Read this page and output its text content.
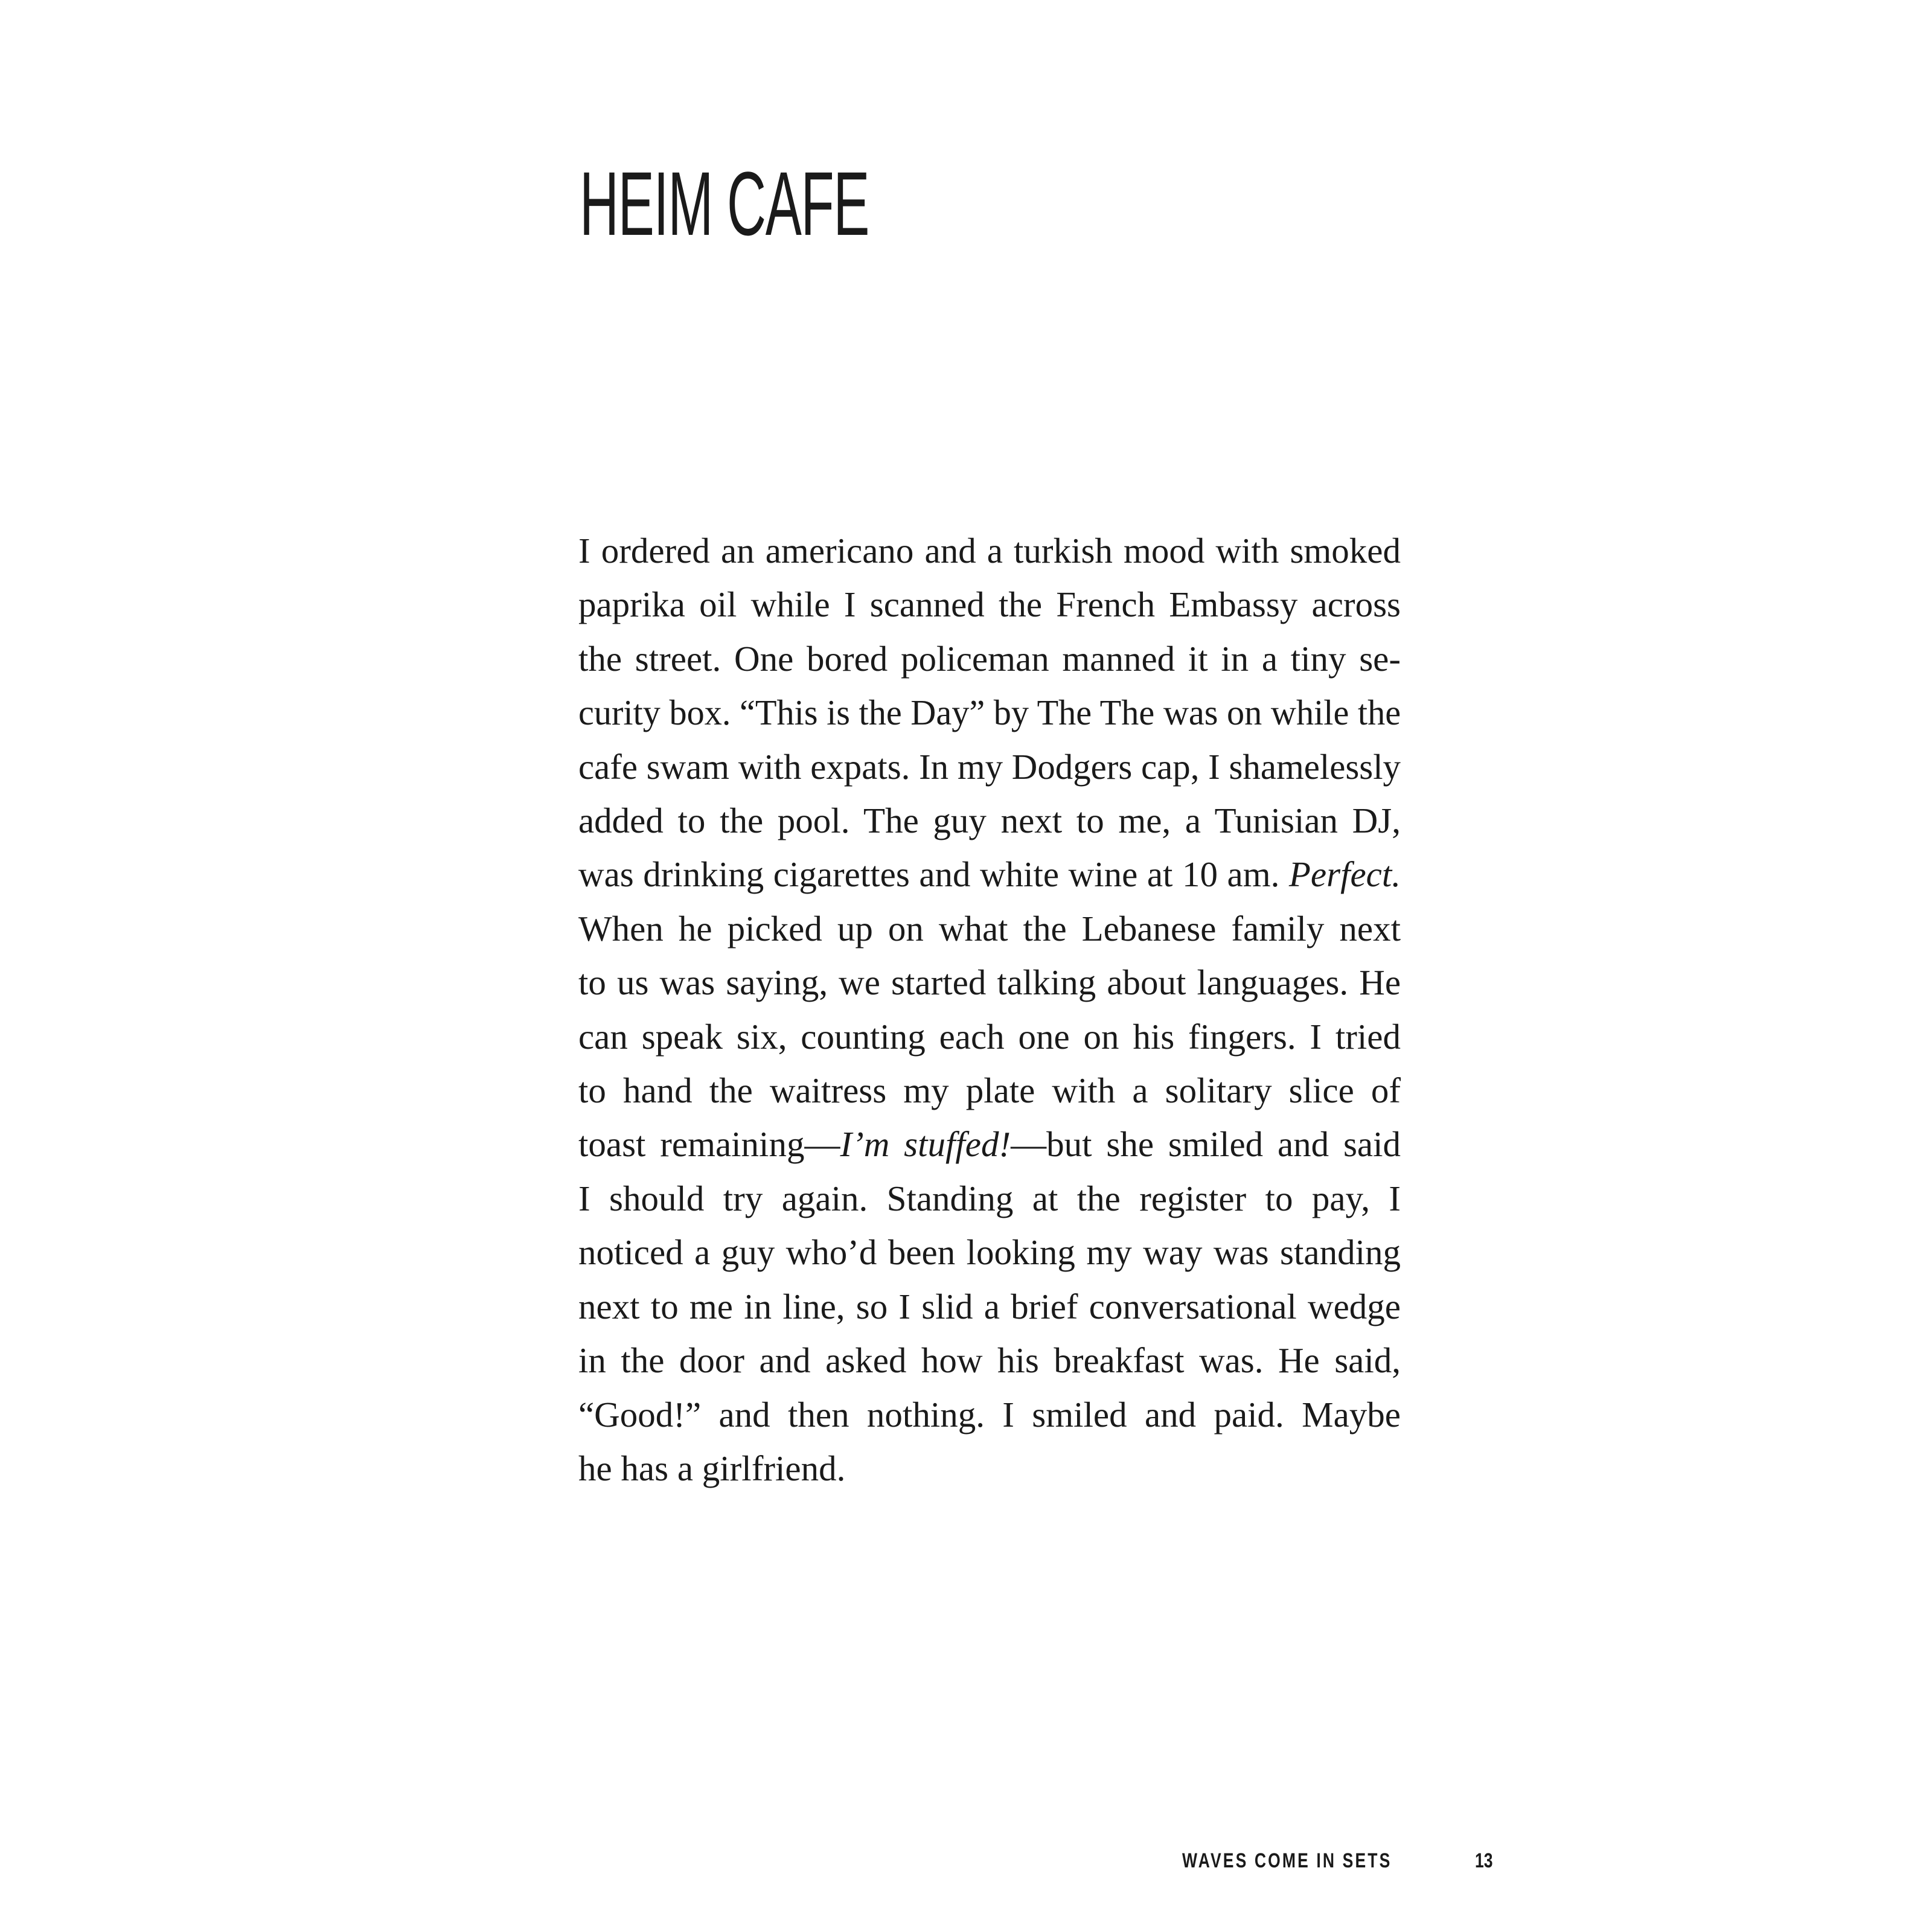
HEIM CAFE
I ordered an americano and a turkish mood with smoked
paprika oil while I scanned the French Embassy across
the street. One bored policeman manned it in a tiny se-
curity box. “This is the Day” by The The was on while the
cafe swam with expats. In my Dodgers cap, I shamelessly
added to the pool. The guy next to me, a Tunisian DJ,
was drinking cigarettes and white wine at 10 am. Perfect.
When he picked up on what the Lebanese family next
to us was saying, we started talking about languages. He
can speak six, counting each one on his fingers. I tried
to hand the waitress my plate with a solitary slice of
toast remaining—I’m stuffed!—but she smiled and said
I should try again. Standing at the register to pay, I
noticed a guy who’d been looking my way was standing
next to me in line, so I slid a brief conversational wedge
in the door and asked how his breakfast was. He said,
“Good!” and then nothing. I smiled and paid. Maybe
he has a girlfriend.
WAVES COME IN SETS	13
